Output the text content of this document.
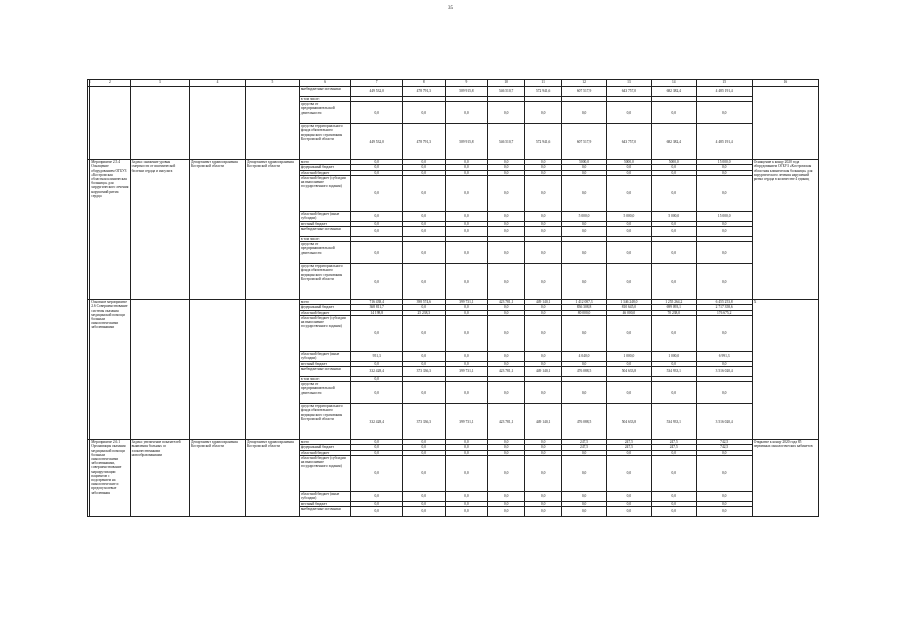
35
1	2	3	4	5	6	7	8	9	10	11	12	13	14	15	16
					внебюджетные источники	449 532,0	478 791,3	509 915,8	546 510,7	572 941,6	607 517,9	643 757,0	682 382,4	4 485 191,4	
					в том числе:										
					средства от предпринимательской деятельности	0,0	0,0	0,0	0,0	0,0	0,0	0,0	0,0	0,0	
					средства территориального фонда обязательного медицинского страхования Костромской области	449 532,0	478 791,3	509 915,8	546 510,7	572 941,6	607 517,9	643 757,0	682 382,4	4 485 191,4	
	Мероприятие 2.5.4 Оснащение оборудованием ОГБУЗ «Костромская областная клиническая больница» для хирургического лечения нарушений ритма сердца	Задача: снижение уровня смертности от ишемической болезни сердца и инсульта	Департамент здравоохранения Костромской области	Департамент здравоохранения Костромской области	всего	0,0	0,0	0,0	0,0	0,0	5000,0	5000,0	5000,0	15 000,0	Оснащение к концу 2020 года оборудованием ОГБУЗ «Костромская областная клиническая больница» для хирургического лечения нарушений ритма сердца в количестве 4 единиц
					федеральный бюджет	0,0	0,0	0,0	0,0	0,0	0,0	0,0	0,0	0,0	
					областной бюджет	0,0	0,0	0,0	0,0	0,0	0,0	0,0	0,0	0,0	
					областной бюджет (субсидии на выполнение государственного задания)	0,0	0,0	0,0	0,0	0,0	0,0	0,0	0,0	0,0	
					областной бюджет (иные субсидии)	0,0	0,0	0,0	0,0	0,0	5 000,0	5 000,0	5 000,0	15 000,0	
					местный бюджет	0,0	0,0	0,0	0,0	0,0	0,0	0,0	0,0	0,0	
					внебюджетные источники	0,0	0,0	0,0	0,0	0,0	0,0	0,0	0,0	0,0	
					в том числе:										
					средства от предпринимательской деятельности	0,0	0,0	0,0	0,0	0,0	0,0	0,0	0,0	0,0	
					средства территориального фонда обязательного медицинского страхования Костромской области	0,0	0,0	0,0	0,0	0,0	0,0	0,0	0,0	0,0	
	Основное мероприятие 2.6 Совершенствование системы оказания медицинской помощи больным онкологическими заболеваниями				всего	716 438,4	398 574,6	399 731,1	423 781,1	449 140,1	1 412 087,3	1 346 248,0	1 255 264,2	6 455 253,8	Х
					федеральный бюджет	368 811,7	0,0	0,0	0,0	0,0	836 308,8	810 645,0	699 093,1	2 717 358,6	
					областной бюджет	14 198,8	25 238,3	0,0	0,0	0,0	80 000,0	46 000,0	70 238,0	176 675,2	
					областной бюджет (субсидии на выполнение государственного задания)	0,0	0,0	0,0	0,0	0,0	0,0	0,0	0,0	0,0	
					областной бюджет (иные субсидии)	951,3	0,0	0,0	0,0	0,0	4 040,0	1 000,0	1 000,0	6 991,3	
					местный бюджет	0,0	0,0	0,0	0,0	0,0	0,0	0,0	0,0	0,0	
					внебюджетные источники	332 428,4	373 336,3	399 731,1	423 781,1	449 140,1	476 088,5	504 633,8	534 933,1	3 516 020,4	
					в том числе:	0,0									
					средства от предпринимательской деятельности	0,0	0,0	0,0	0,0	0,0	0,0	0,0	0,0	0,0	
					средства территориального фонда обязательного медицинского страхования Костромской области	332 428,4	373 336,3	399 731,1	423 781,1	449 140,1	476 088,5	504 633,8	534 933,1	3 516 020,4	
	Мероприятие 2.6.1 Организация оказания медицинской помощи больным онкологическими заболеваниями, совершенствование маршрутизации пациентов с подозрением на онкологические и предопухолевые заболевания	Задача: увеличение показателей выявления больных со злокачественными новообразованиями	Департамент здравоохранения Костромской области	Департамент здравоохранения Костромской области	всего	0,0	0,0	0,0	0,0	0,0	247,5	247,5	247,5	742,5	Открытие к концу 2020 года 85 первичных онкологических кабинетов
					федеральный бюджет	0,0	0,0	0,0	0,0	0,0	247,5	247,5	247,5	742,5	
					областной бюджет	0,0	0,0	0,0	0,0	0,0	0,0	0,0	0,0	0,0	
					областной бюджет (субсидии на выполнение государственного задания)	0,0	0,0	0,0	0,0	0,0	0,0	0,0	0,0	0,0	
					областной бюджет (иные субсидии)	0,0	0,0	0,0	0,0	0,0	0,0	0,0	0,0	0,0	
					местный бюджет	0,0	0,0	0,0	0,0	0,0	0,0	0,0	0,0	0,0	
					внебюджетные источники	0,0	0,0	0,0	0,0	0,0	0,0	0,0	0,0	0,0	
